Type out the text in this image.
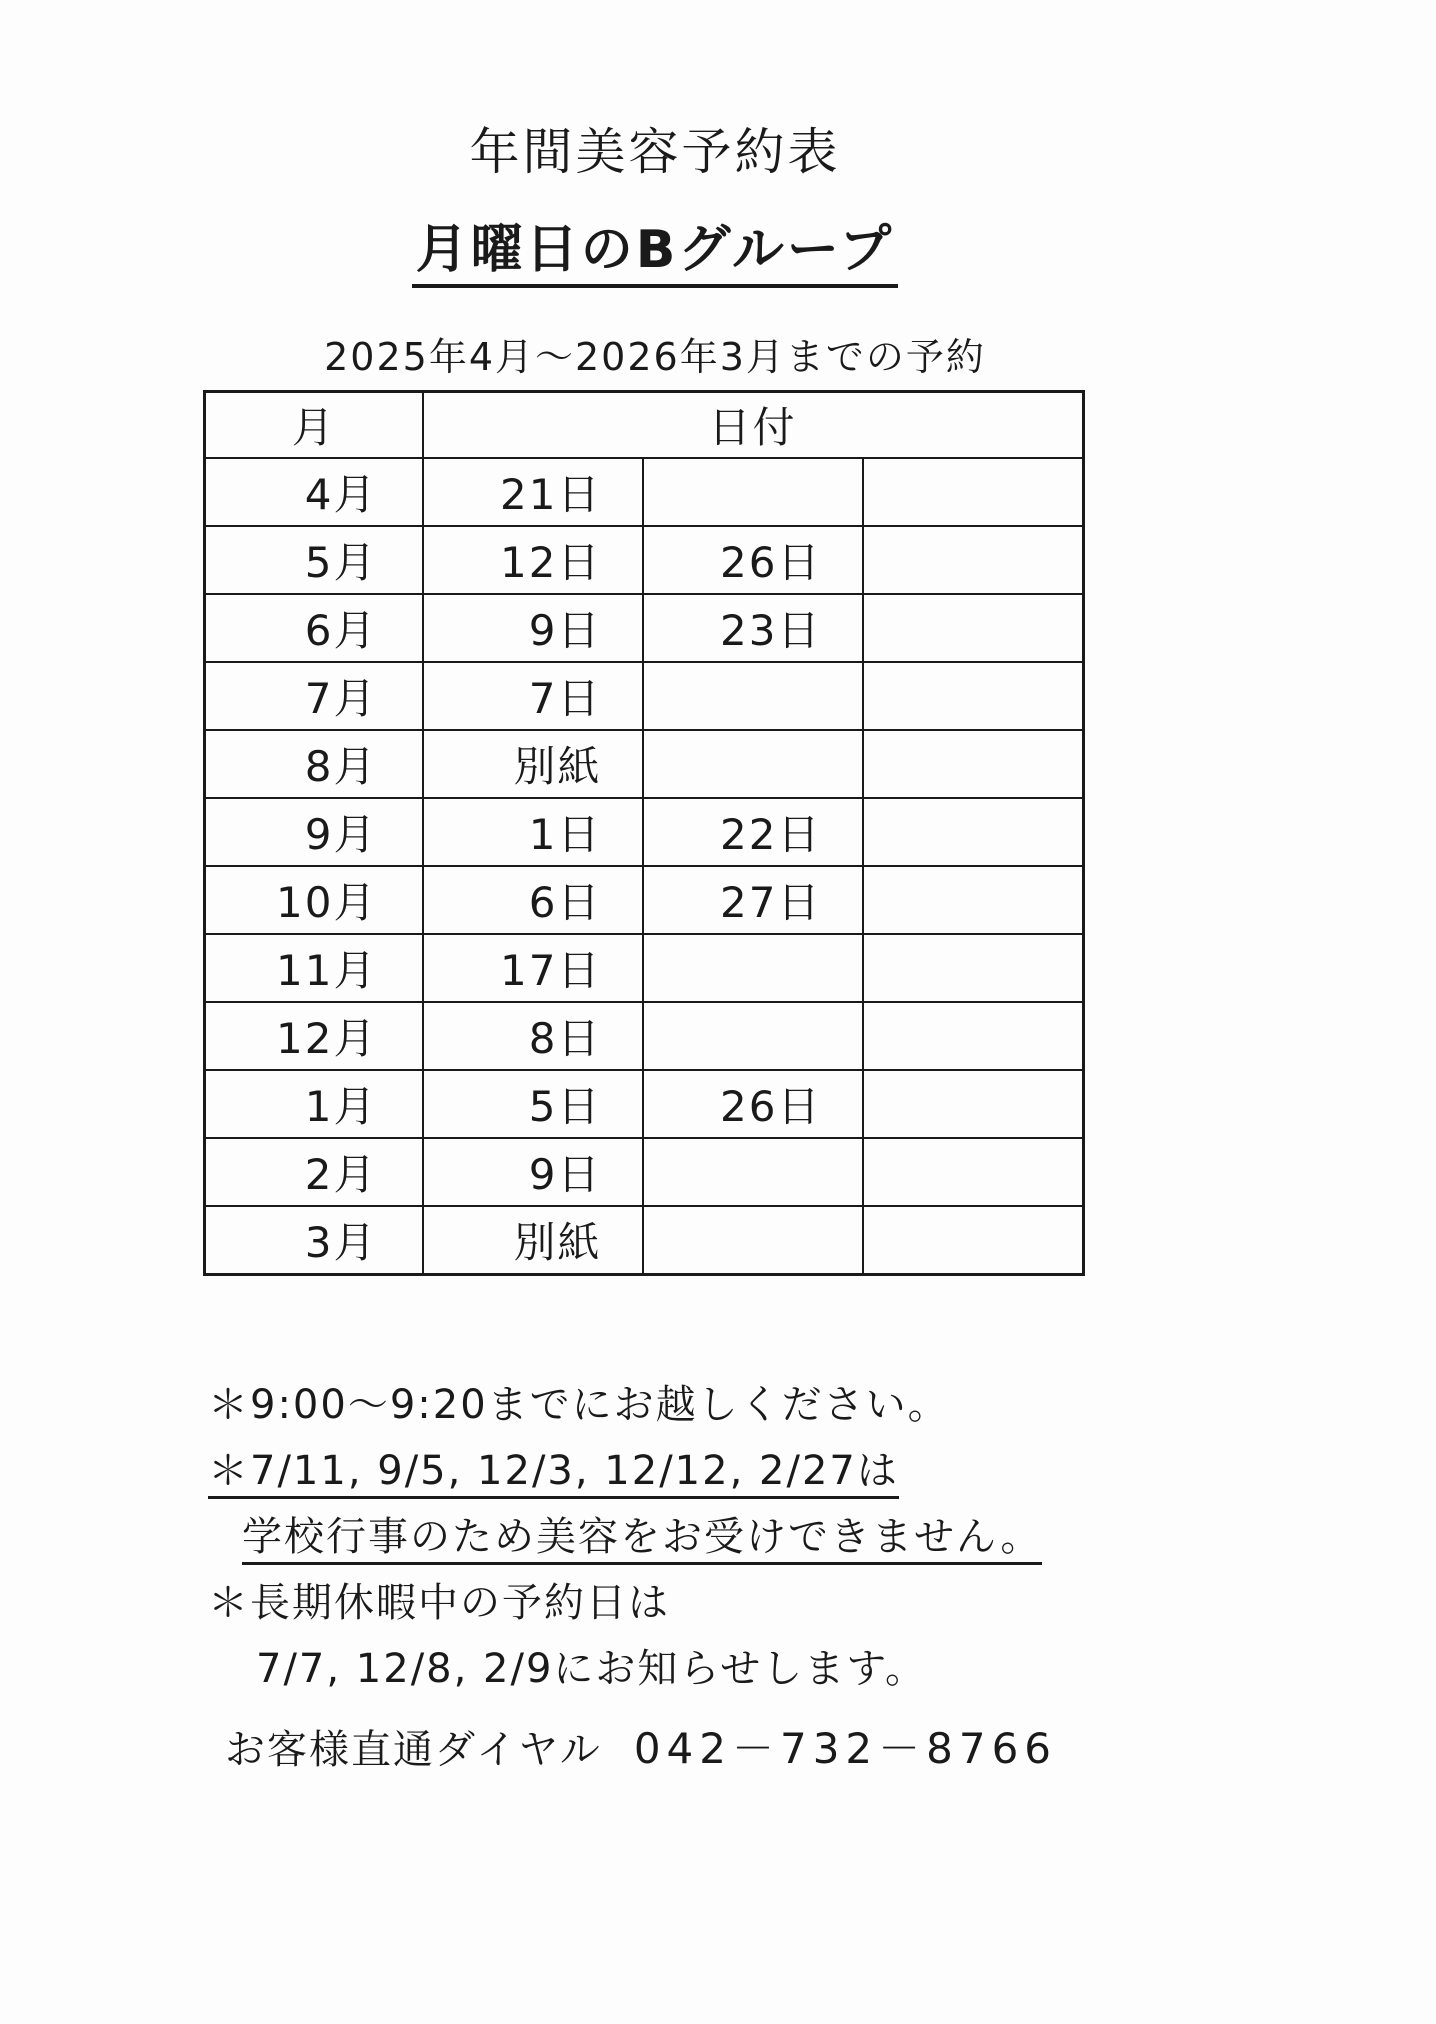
年間美容予約表
月曜日のBグループ
2025年4月～2026年3月までの予約
月	日付		
4月	21日		
5月	12日	26日	
6月	9日	23日	
7月	7日		
8月	別紙		
9月	1日	22日	
10月	6日	27日	
11月	17日		
12月	8日		
1月	5日	26日	
2月	9日		
3月	別紙		
＊9:00～9:20までにお越しください。
＊7/11, 9/5, 12/3, 12/12, 2/27は
学校行事のため美容をお受けできません。
＊長期休暇中の予約日は
7/7, 12/8, 2/9にお知らせします。
お客様直通ダイヤル 042－732－8766
